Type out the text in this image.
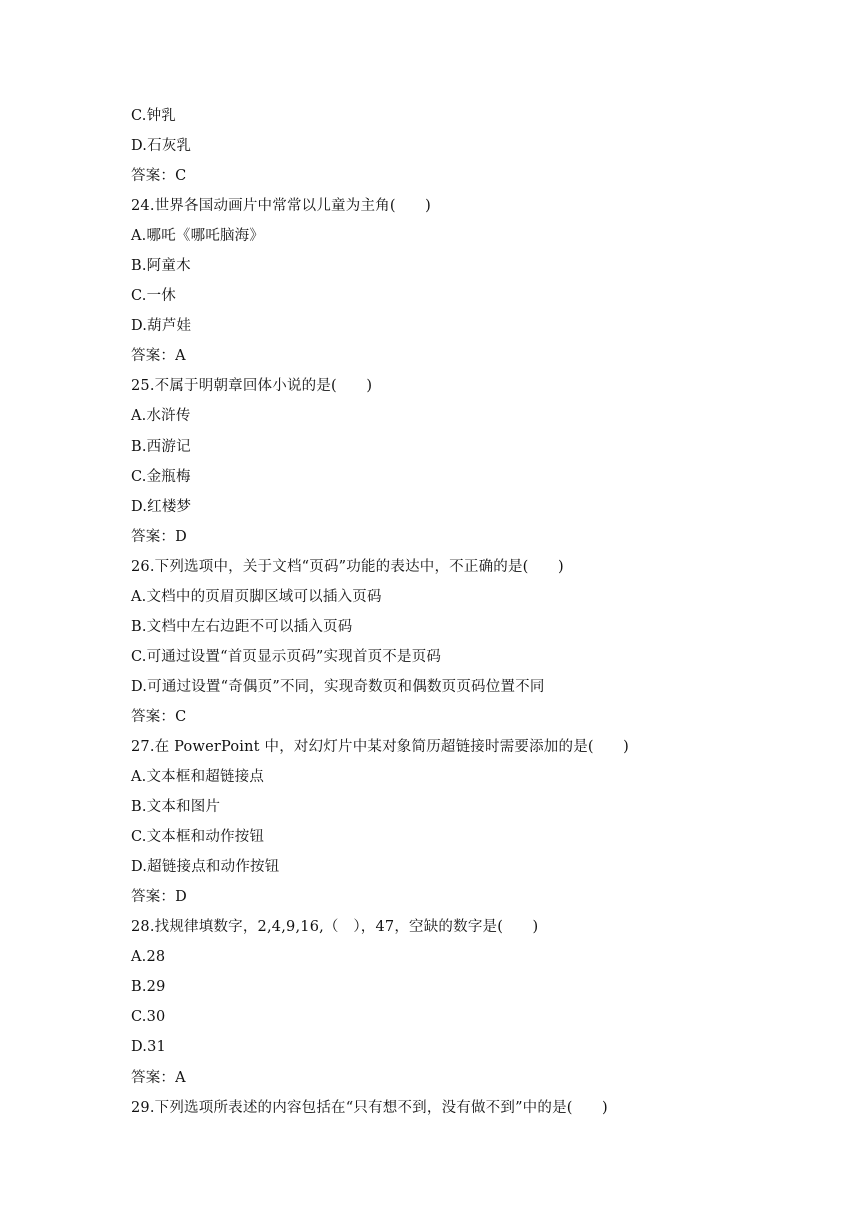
C.钟乳
D.石灰乳
答案：C
24.世界各国动画片中常常以儿童为主角(　　)
A.哪吒《哪吒脑海》
B.阿童木
C.一休
D.葫芦娃
答案：A
25.不属于明朝章回体小说的是(　　)
A.水浒传
B.西游记
C.金瓶梅
D.红楼梦
答案：D
26.下列选项中，关于文档“页码”功能的表达中，不正确的是(　　)
A.文档中的页眉页脚区域可以插入页码
B.文档中左右边距不可以插入页码
C.可通过设置“首页显示页码”实现首页不是页码
D.可通过设置“奇偶页”不同，实现奇数页和偶数页页码位置不同
答案：C
27.在 PowerPoint 中，对幻灯片中某对象简历超链接时需要添加的是(　　)
A.文本框和超链接点
B.文本和图片
C.文本框和动作按钮
D.超链接点和动作按钮
答案：D
28.找规律填数字，2,4,9,16,（　），47，空缺的数字是(　　)
A.28
B.29
C.30
D.31
答案：A
29.下列选项所表述的内容包括在“只有想不到，没有做不到”中的是(　　)
